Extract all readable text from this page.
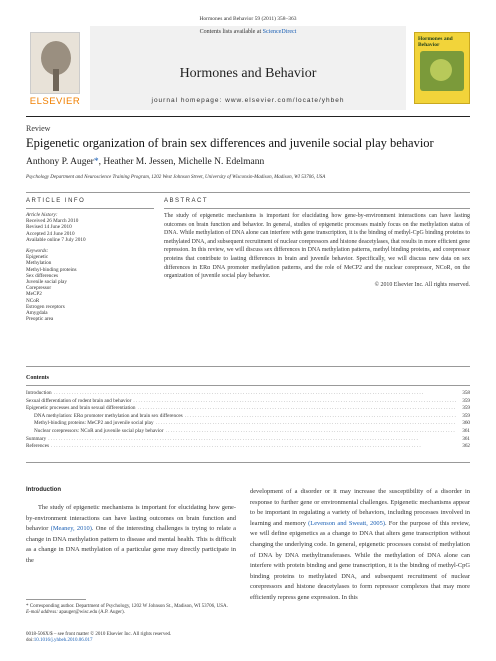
Hormones and Behavior 59 (2011) 358–363
ELSEVIER
Contents lists available at ScienceDirect
Hormones and Behavior
journal homepage: www.elsevier.com/locate/yhbeh
Hormones and Behavior
Review
Epigenetic organization of brain sex differences and juvenile social play behavior
Anthony P. Auger*, Heather M. Jessen, Michelle N. Edelmann
Psychology Department and Neuroscience Training Program, 1202 West Johnson Street, University of Wisconsin-Madison, Madison, WI 53706, USA
ARTICLE INFO	ABSTRACT
Article history:
Received 26 March 2010
Revised 14 June 2010
Accepted 24 June 2010
Available online 7 July 2010
Keywords:
Epigenetic
Methylation
Methyl-binding proteins
Sex differences
Juvenile social play
Corepressor
MeCP2
NCoR
Estrogen receptors
Amygdala
Preoptic area
The study of epigenetic mechanisms is important for elucidating how gene-by-environment interactions can have lasting outcomes on brain function and behavior. In general, studies of epigenetic processes mainly focus on the methylation status of DNA. While methylation of DNA alone can interfere with gene transcription, it is the binding of methyl-CpG binding proteins to methylated DNA, and subsequent recruitment of nuclear corepressors and histone deacetylases, that results in more efficient gene repression. In this review, we will discuss sex differences in DNA methylation patterns, methyl binding proteins, and corepressor proteins that contribute to lasting differences in brain and juvenile behavior. Specifically, we will discuss new data on sex differences in ERα DNA promoter methylation patterns, and the role of MeCP2 and the nuclear corepressor, NCoR, on the organization of juvenile social play behavior.
© 2010 Elsevier Inc. All rights reserved.
Contents
Introduction . . .	358
Sexual differentiation of rodent brain and behavior . . .	359
Epigenetic processes and brain sexual differentiation . . .	359
DNA methylation: ERα promoter methylation and brain sex differences . . .	359
Methyl-binding proteins: MeCP2 and juvenile social play . . .	360
Nuclear corepressors: NCoR and juvenile social play behavior . . .	361
Summary . . .	361
References . . .	362
Introduction

The study of epigenetic mechanisms is important for elucidating how gene-by-environment interactions can have lasting outcomes on brain function and behavior (Meaney, 2010). One of the interesting challenges is trying to relate a change in DNA methylation pattern to disease and mental health. This is difficult as a change in DNA methylation of a particular gene may directly participate in the

* Corresponding author. Department of Psychology, 1202 W Johnson St., Madison, WI 53706, USA.
E-mail address: apauger@wisc.edu (A.P. Auger).
0018-506X/$ – see front matter © 2010 Elsevier Inc. All rights reserved.
doi:10.1016/j.yhbeh.2010.06.017

development of a disorder or it may increase the susceptibility of a disorder in response to further gene or environmental challenges. Epigenetic mechanisms appear to be important in regulating a variety of behaviors, including processes involved in learning and memory (Levenson and Sweatt, 2005). For the purpose of this review, we will define epigenetics as a change to DNA that alters gene transcription without changing the underlying code. In general, epigenetic processes consist of methylation of DNA by DNA methyltransferases. While the methylation of DNA alone can interfere with protein binding and gene transcription, it is the binding of methyl-CpG binding proteins to methylated DNA, and subsequent recruitment of nuclear corepressors and histone deacetylases to form repressor complexes that may more efficiently repress gene expression. In this
